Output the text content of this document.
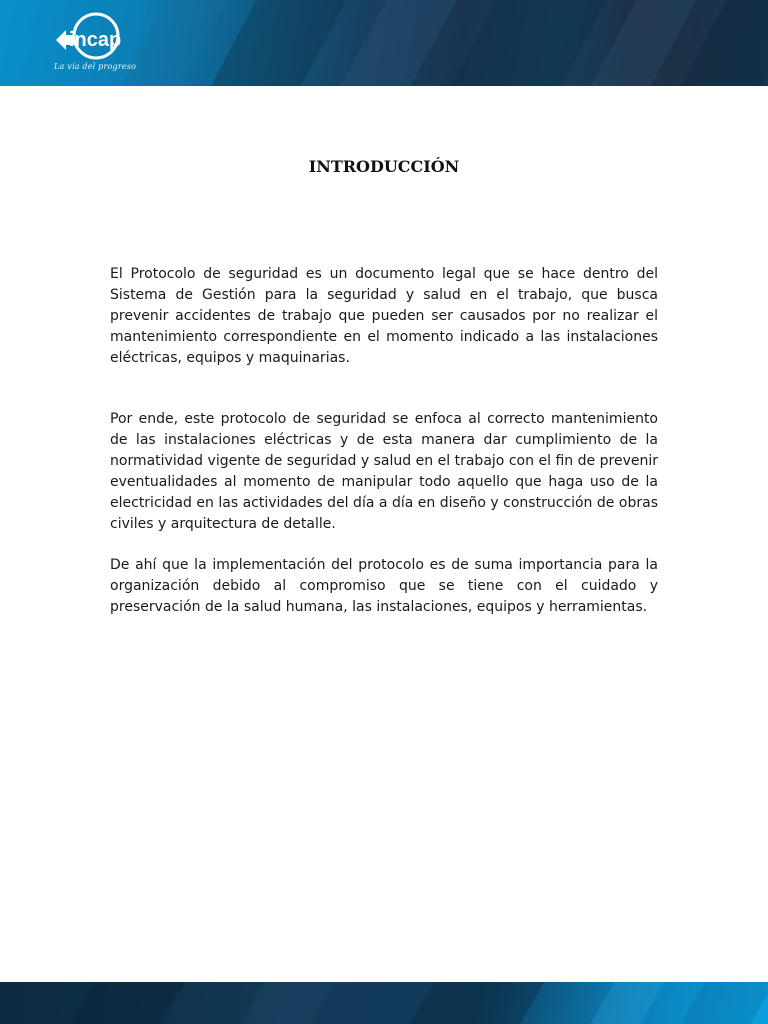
incap
La vía del progreso
INTRODUCCIÓN

El Protocolo de seguridad es un documento legal que se hace dentro del Sistema de Gestión para la seguridad y salud en el trabajo, que busca prevenir accidentes de trabajo que pueden ser causados por no realizar el mantenimiento correspondiente en el momento indicado a las instalaciones eléctricas, equipos y maquinarias.

Por ende, este protocolo de seguridad se enfoca al correcto mantenimiento de las instalaciones eléctricas y de esta manera dar cumplimiento de la normatividad vigente de seguridad y salud en el trabajo con el fin de prevenir eventualidades al momento de manipular todo aquello que haga uso de la electricidad en las actividades del día a día en diseño y construcción de obras civiles y arquitectura de detalle.

De ahí que la implementación del protocolo es de suma importancia para la organización debido al compromiso que se tiene con el cuidado y preservación de la salud humana, las instalaciones, equipos y herramientas.
